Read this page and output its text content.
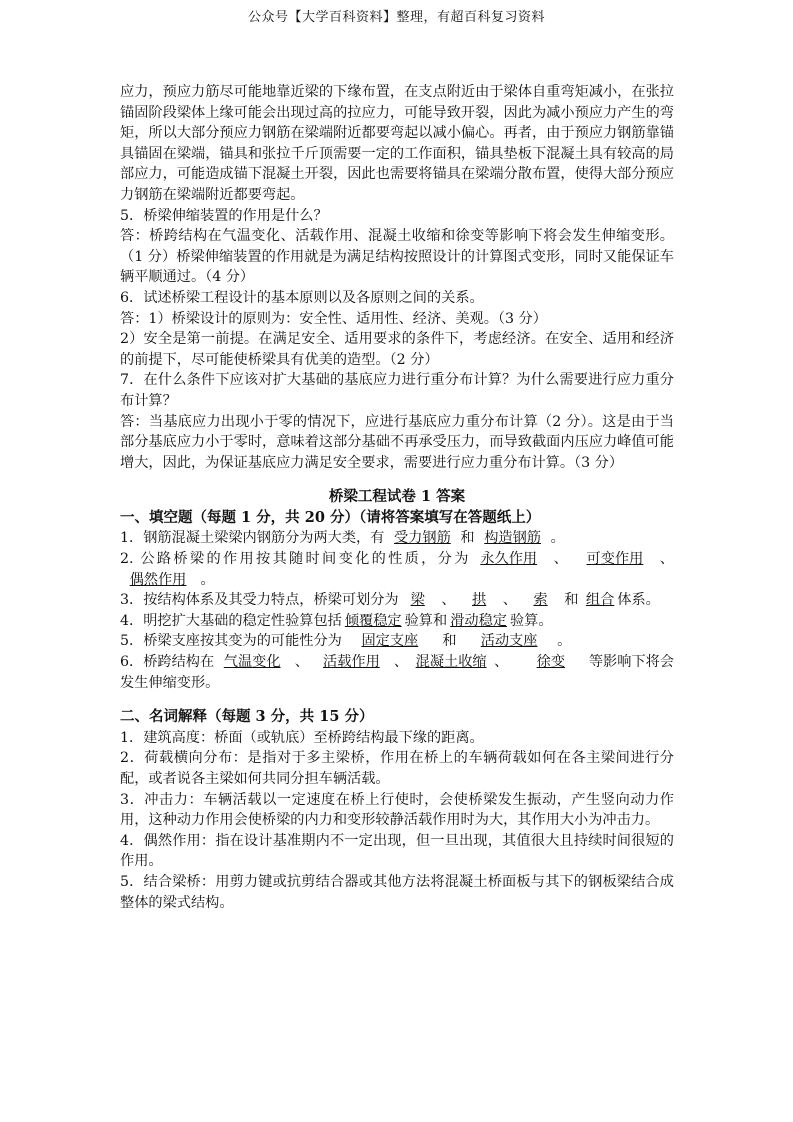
公众号【大学百科资料】整理，有超百科复习资料

应力，预应力筋尽可能地靠近梁的下缘布置，在支点附近由于梁体自重弯矩减小，在张拉锚固阶段梁体上缘可能会出现过高的拉应力，可能导致开裂，因此为减小预应力产生的弯矩，所以大部分预应力钢筋在梁端附近都要弯起以减小偏心。再者，由于预应力钢筋靠锚具锚固在梁端，锚具和张拉千斤顶需要一定的工作面积，锚具垫板下混凝土具有较高的局部应力，可能造成锚下混凝土开裂，因此也需要将锚具在梁端分散布置，使得大部分预应力钢筋在梁端附近都要弯起。

5．桥梁伸缩装置的作用是什么？

答：桥跨结构在气温变化、活载作用、混凝土收缩和徐变等影响下将会发生伸缩变形。（1 分）桥梁伸缩装置的作用就是为满足结构按照设计的计算图式变形，同时又能保证车辆平顺通过。（4 分）

6．试述桥梁工程设计的基本原则以及各原则之间的关系。

答：1）桥梁设计的原则为：安全性、适用性、经济、美观。（3 分）

2）安全是第一前提。在满足安全、适用要求的条件下，考虑经济。在安全、适用和经济的前提下，尽可能使桥梁具有优美的造型。（2 分）

7．在什么条件下应该对扩大基础的基底应力进行重分布计算？为什么需要进行应力重分布计算？

答：当基底应力出现小于零的情况下，应进行基底应力重分布计算（2 分）。这是由于当部分基底应力小于零时，意味着这部分基础不再承受压力，而导致截面内压应力峰值可能增大，因此，为保证基底应力满足安全要求，需要进行应力重分布计算。（3 分）

桥梁工程试卷 1 答案

一、填空题（每题 1 分，共 20 分）（请将答案填写在答题纸上）

1．钢筋混凝土梁梁内钢筋分为两大类，有 受力钢筋 和 构造钢筋 。

2. 公路桥梁的作用按其随时间变化的性质，分为 永久作用 、 可变作用 、 偶然作用 。

3．按结构体系及其受力特点，桥梁可划分为 梁 、 拱 、 索 和 组合 体系。

4．明挖扩大基础的稳定性验算包括 倾覆稳定 验算和 滑动稳定 验算。

5．桥梁支座按其变为的可能性分为 固定支座 和 活动支座 。

6．桥跨结构在 气温变化 、 活载作用 、 混凝土收缩 、 徐变 等影响下将会发生伸缩变形。

二、名词解释（每题 3 分，共 15 分）

1．建筑高度：桥面（或轨底）至桥跨结构最下缘的距离。

2．荷载横向分布：是指对于多主梁桥，作用在桥上的车辆荷载如何在各主梁间进行分配，或者说各主梁如何共同分担车辆活载。

3．冲击力：车辆活载以一定速度在桥上行使时，会使桥梁发生振动，产生竖向动力作用，这种动力作用会使桥梁的内力和变形较静活载作用时为大，其作用大小为冲击力。

4．偶然作用：指在设计基准期内不一定出现，但一旦出现，其值很大且持续时间很短的作用。

5．结合梁桥：用剪力键或抗剪结合器或其他方法将混凝土桥面板与其下的钢板梁结合成整体的梁式结构。
